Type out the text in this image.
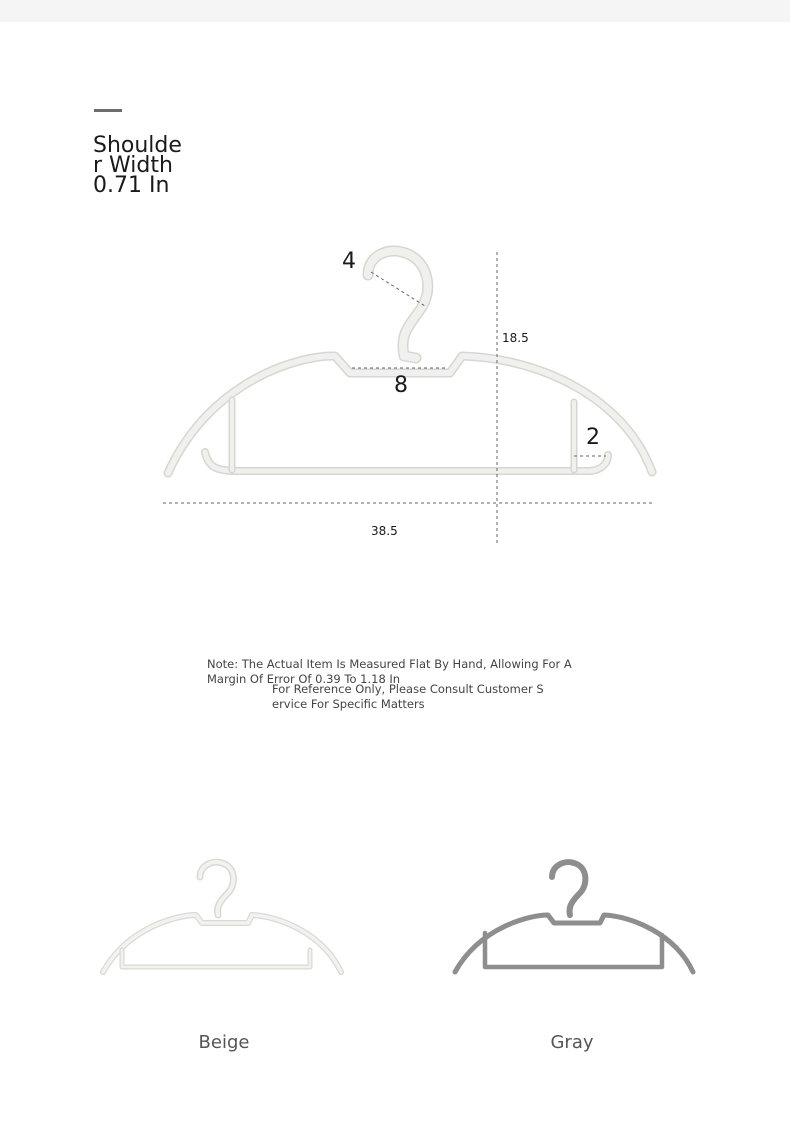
Shoulde
r Width
0.71 In
4
8
2
18.5
38.5

Note: The Actual Item Is Measured Flat By Hand, Allowing For A Margin Of Error Of 0.39 To 1.18 In

For Reference Only, Please Consult Customer Service For Specific Matters

Beige	Gray
